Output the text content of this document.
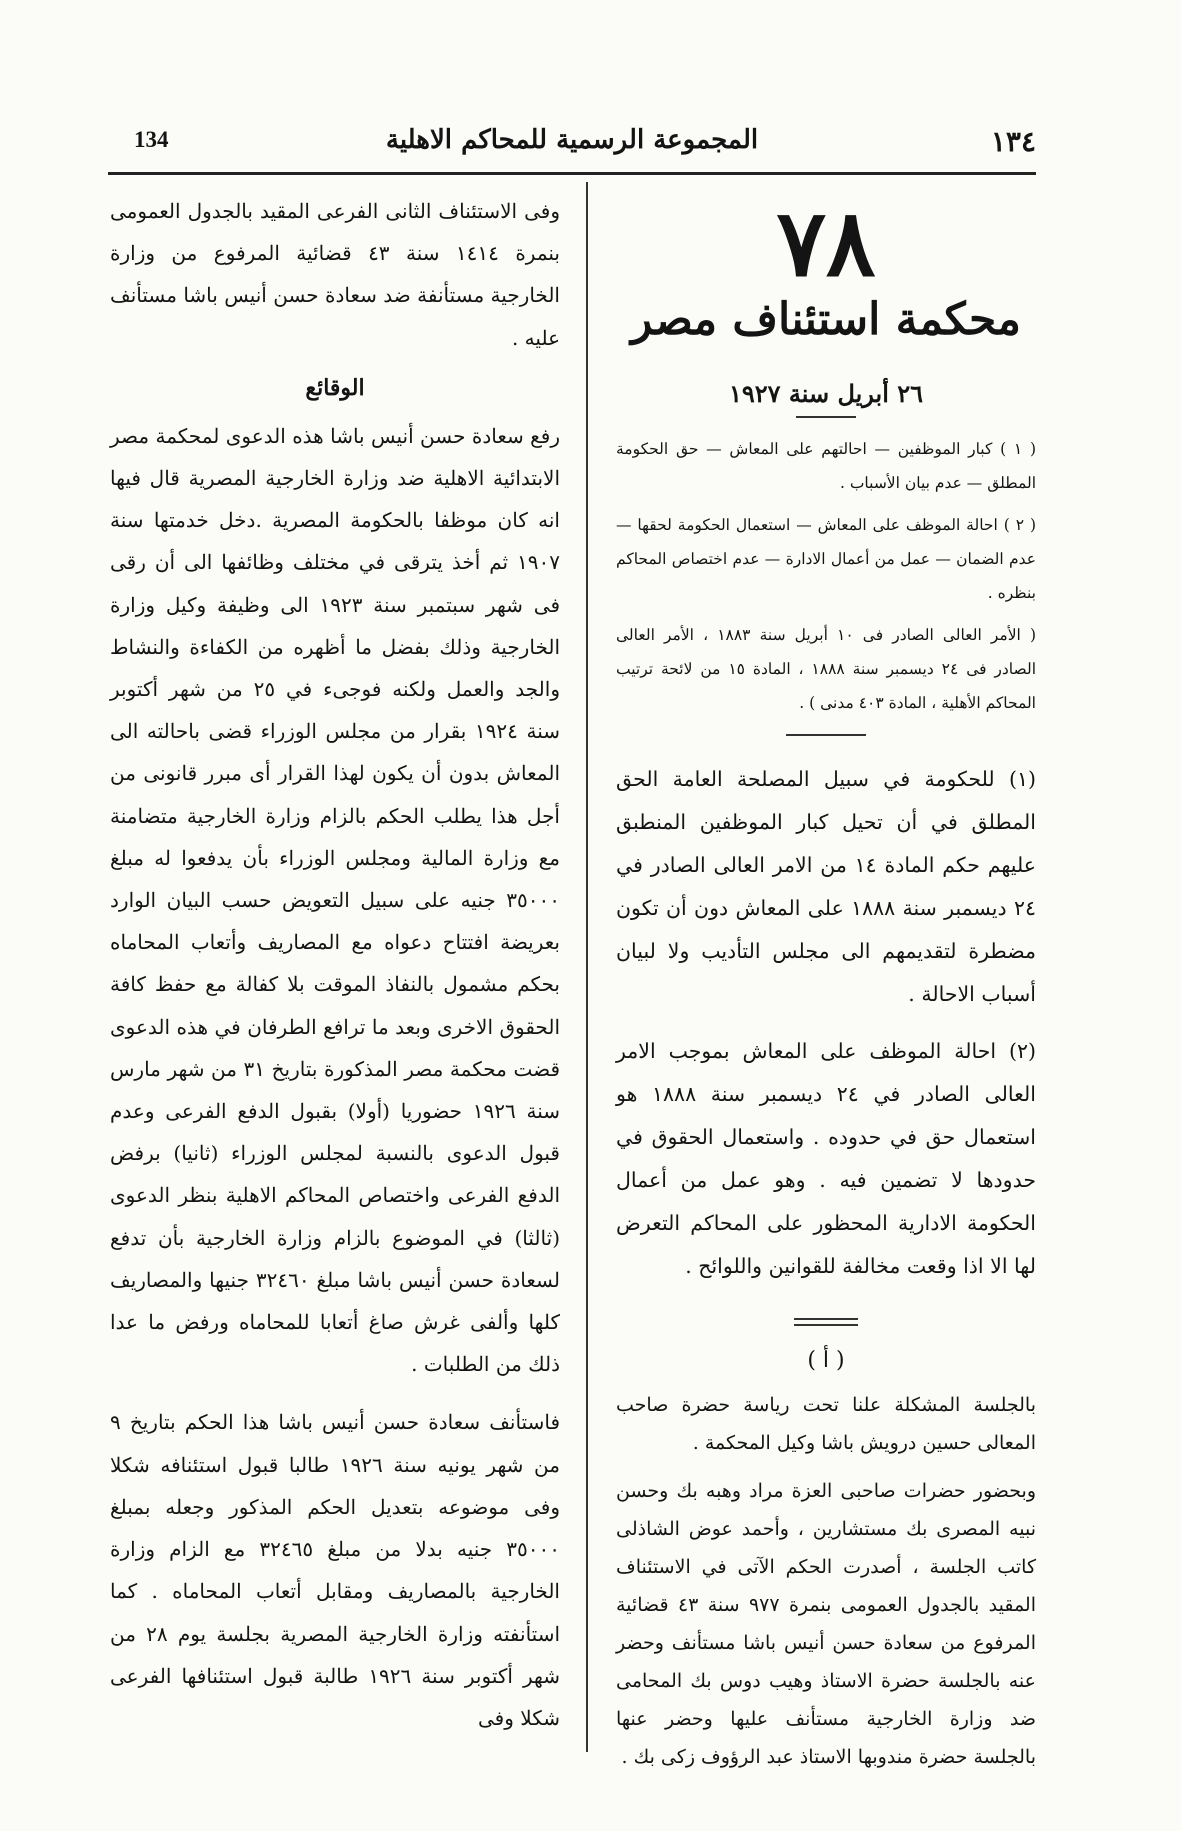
١٣٤
المجموعة الرسمية للمحاكم الاهلية
134
٧٨
محكمة استئناف مصر
٢٦ أبريل سنة ١٩٢٧

( ١ ) كبار الموظفين — احالتهم على المعاش — حق الحكومة المطلق — عدم بيان الأسباب .

( ٢ ) احالة الموظف على المعاش — استعمال الحكومة لحقها — عدم الضمان — عمل من أعمال الادارة — عدم اختصاص المحاكم بنظره .

( الأمر العالى الصادر فى ١٠ أبريل سنة ١٨٨٣ ، الأمر العالى الصادر فى ٢٤ ديسمبر سنة ١٨٨٨ ، المادة ١٥ من لائحة ترتيب المحاكم الأهلية ، المادة ٤٠٣ مدنى ) .

(١) للحكومة في سبيل المصلحة العامة الحق المطلق في أن تحيل كبار الموظفين المنطبق عليهم حكم المادة ١٤ من الامر العالى الصادر في ٢٤ ديسمبر سنة ١٨٨٨ على المعاش دون أن تكون مضطرة لتقديمهم الى مجلس التأديب ولا لبيان أسباب الاحالة .

(٢) احالة الموظف على المعاش بموجب الامر العالى الصادر في ٢٤ ديسمبر سنة ١٨٨٨ هو استعمال حق في حدوده . واستعمال الحقوق في حدودها لا تضمين فيه . وهو عمل من أعمال الحكومة الادارية المحظور على المحاكم التعرض لها الا اذا وقعت مخالفة للقوانين واللوائح .

( أ )

بالجلسة المشكلة علنا تحت رياسة حضرة صاحب المعالى حسين درويش باشا وكيل المحكمة .

وبحضور حضرات صاحبى العزة مراد وهبه بك وحسن نبيه المصرى بك مستشارين ، وأحمد عوض الشاذلى كاتب الجلسة ، أصدرت الحكم الآتى في الاستئناف المقيد بالجدول العمومى بنمرة ٩٧٧ سنة ٤٣ قضائية المرفوع من سعادة حسن أنيس باشا مستأنف وحضر عنه بالجلسة حضرة الاستاذ وهيب دوس بك المحامى ضد وزارة الخارجية مستأنف عليها وحضر عنها بالجلسة حضرة مندوبها الاستاذ عبد الرؤوف زكى بك .

وفى الاستئناف الثانى الفرعى المقيد بالجدول العمومى بنمرة ١٤١٤ سنة ٤٣ قضائية المرفوع من وزارة الخارجية مستأنفة ضد سعادة حسن أنيس باشا مستأنف عليه .

الوقائع

رفع سعادة حسن أنيس باشا هذه الدعوى لمحكمة مصر الابتدائية الاهلية ضد وزارة الخارجية المصرية قال فيها انه كان موظفا بالحكومة المصرية .دخل خدمتها سنة ١٩٠٧ ثم أخذ يترقى في مختلف وظائفها الى أن رقى فى شهر سبتمبر سنة ١٩٢٣ الى وظيفة وكيل وزارة الخارجية وذلك بفضل ما أظهره من الكفاءة والنشاط والجد والعمل ولكنه فوجىء في ٢٥ من شهر أكتوبر سنة ١٩٢٤ بقرار من مجلس الوزراء قضى باحالته الى المعاش بدون أن يكون لهذا القرار أى مبرر قانونى من أجل هذا يطلب الحكم بالزام وزارة الخارجية متضامنة مع وزارة المالية ومجلس الوزراء بأن يدفعوا له مبلغ ٣٥٠٠٠ جنيه على سبيل التعويض حسب البيان الوارد بعريضة افتتاح دعواه مع المصاريف وأتعاب المحاماه بحكم مشمول بالنفاذ الموقت بلا كفالة مع حفظ كافة الحقوق الاخرى وبعد ما ترافع الطرفان في هذه الدعوى قضت محكمة مصر المذكورة بتاريخ ٣١ من شهر مارس سنة ١٩٢٦ حضوريا (أولا) بقبول الدفع الفرعى وعدم قبول الدعوى بالنسبة لمجلس الوزراء (ثانيا) برفض الدفع الفرعى واختصاص المحاكم الاهلية بنظر الدعوى (ثالثا) في الموضوع بالزام وزارة الخارجية بأن تدفع لسعادة حسن أنيس باشا مبلغ ٣٢٤٦٠ جنيها والمصاريف كلها وألفى غرش صاغ أتعابا للمحاماه ورفض ما عدا ذلك من الطلبات .

فاستأنف سعادة حسن أنيس باشا هذا الحكم بتاريخ ٩ من شهر يونيه سنة ١٩٢٦ طالبا قبول استئنافه شكلا وفى موضوعه بتعديل الحكم المذكور وجعله بمبلغ ٣٥٠٠٠ جنيه بدلا من مبلغ ٣٢٤٦٥ مع الزام وزارة الخارجية بالمصاريف ومقابل أتعاب المحاماه . كما استأنفته وزارة الخارجية المصرية بجلسة يوم ٢٨ من شهر أكتوبر سنة ١٩٢٦ طالبة قبول استئنافها الفرعى شكلا وفى
